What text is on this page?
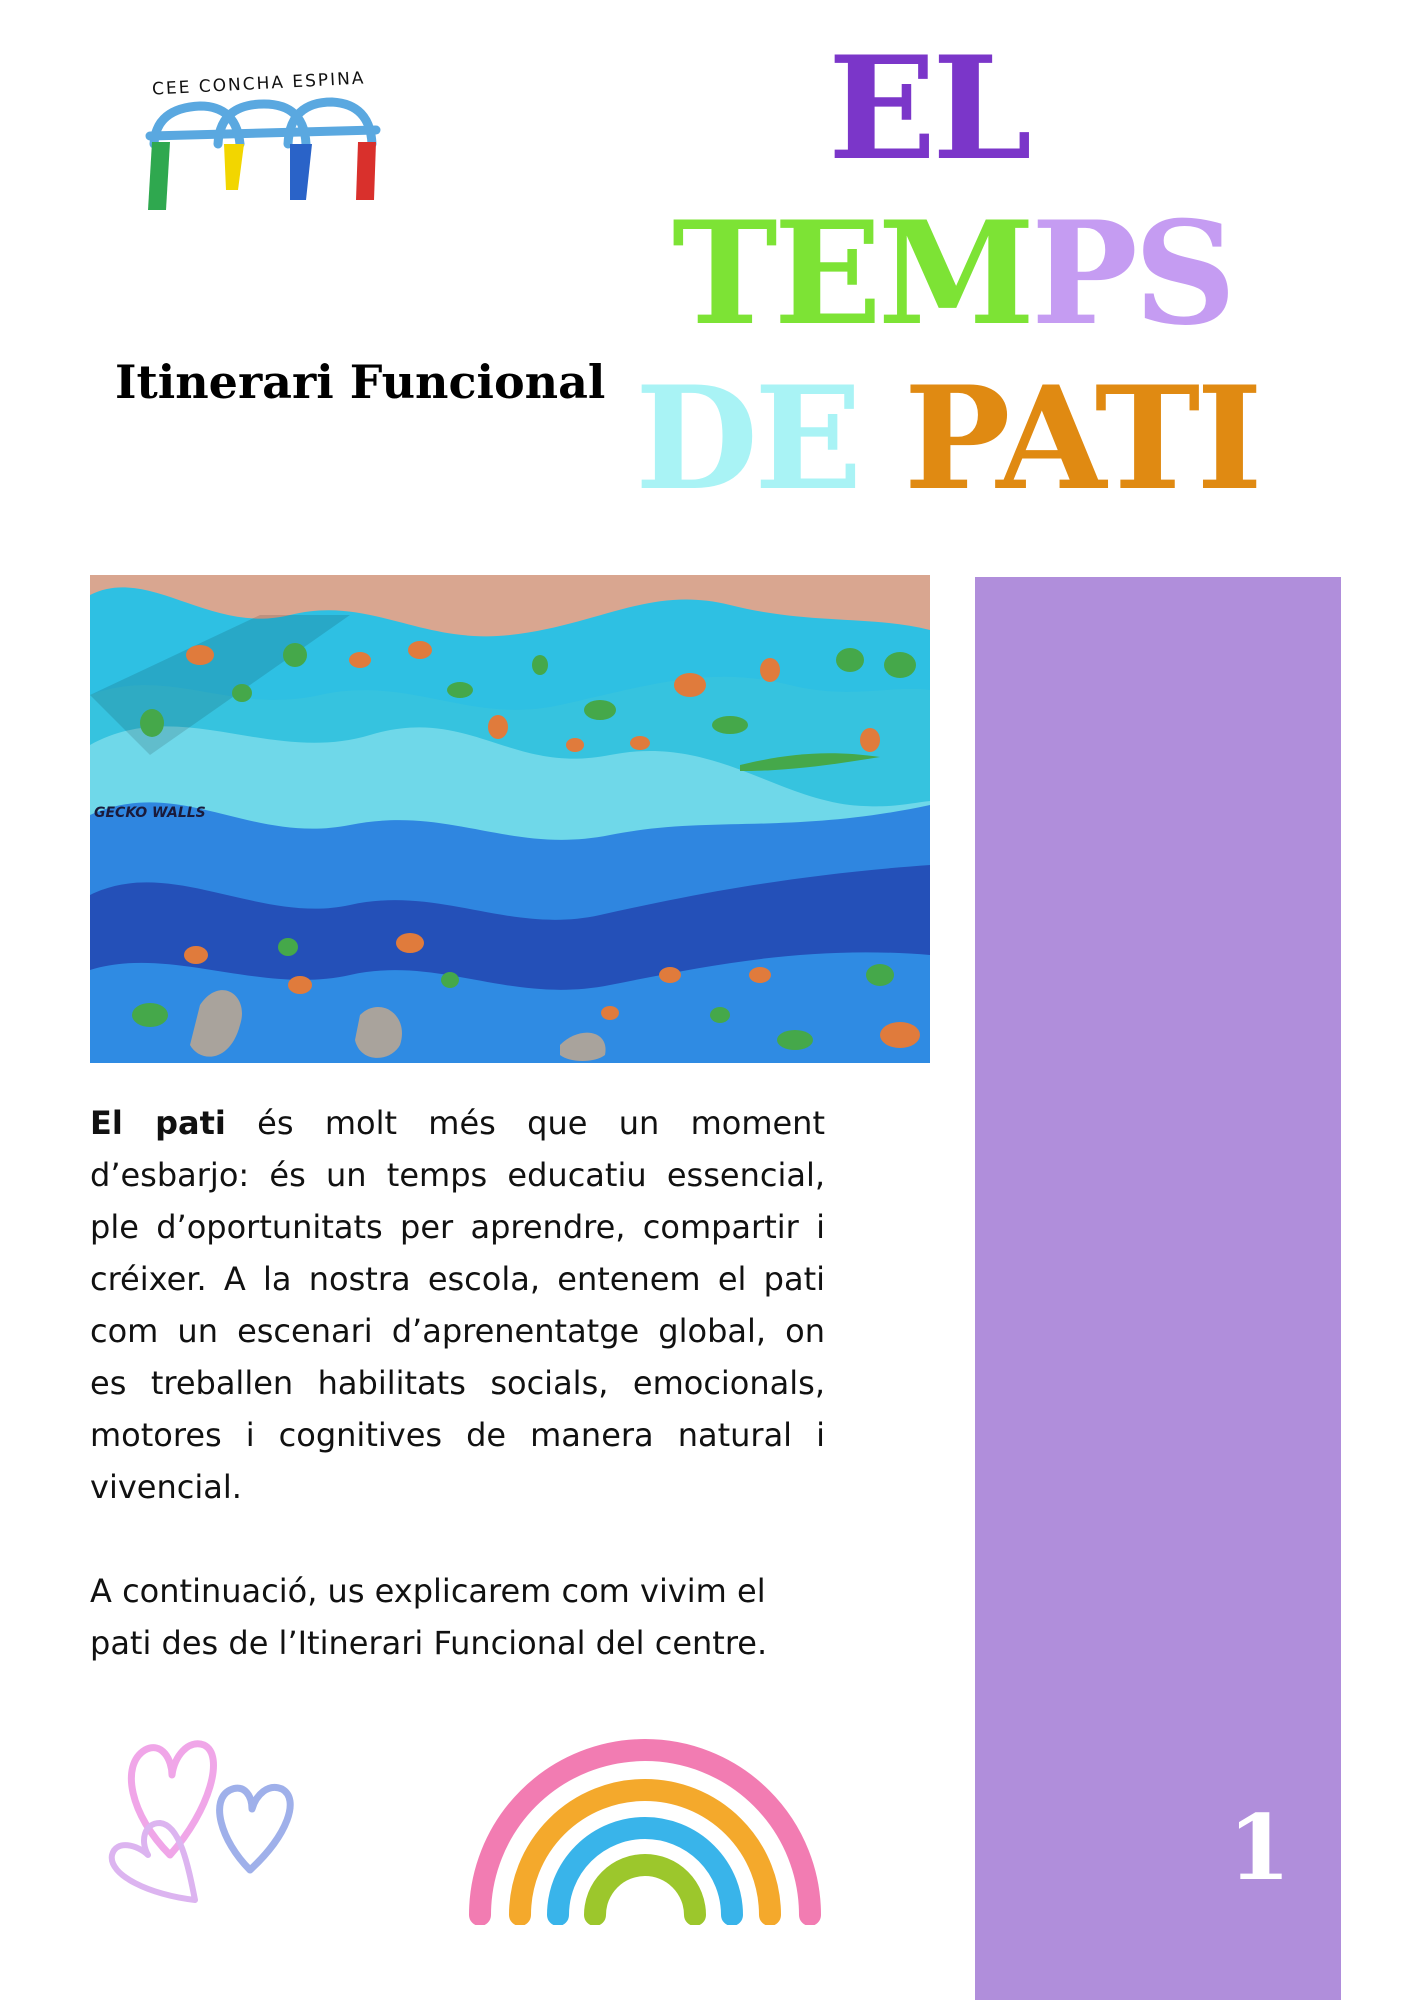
CEE CONCHA ESPINA
Itinerari Funcional
EL
TEMPS
DE PATI
GECKO WALLS
1

El pati és molt més que un moment d’esbarjo: és un temps educatiu essencial, ple d’oportunitats per aprendre, compartir i créixer. A la nostra escola, entenem el pati com un escenari d’aprenentatge global, on es treballen habilitats socials, emocionals, motores i cognitives de manera natural i vivencial.

A continuació, us explicarem com vivim el pati des de l’Itinerari Funcional del centre.
